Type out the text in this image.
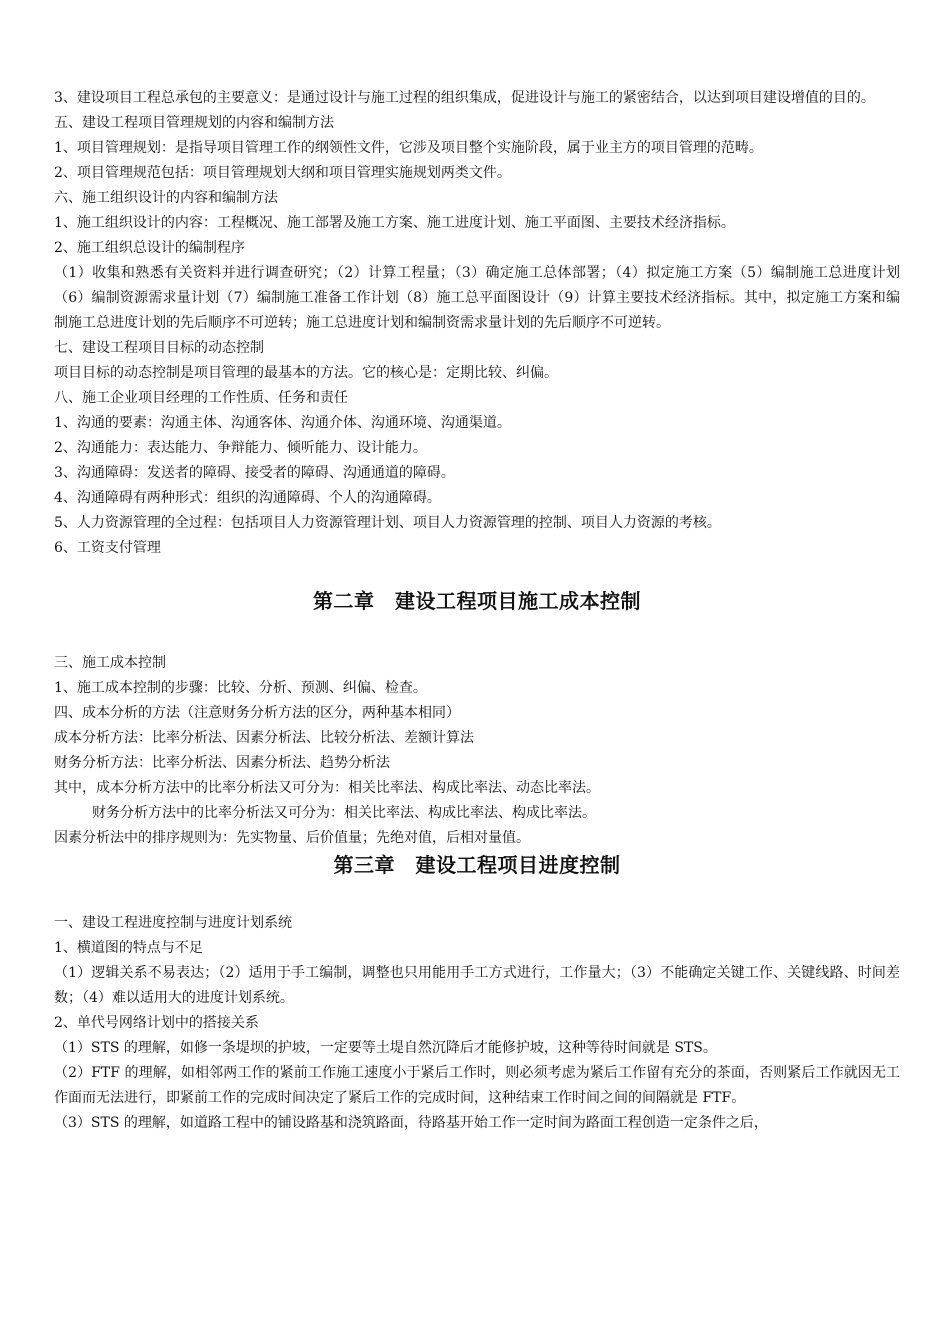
3、建设项目工程总承包的主要意义：是通过设计与施工过程的组织集成，促进设计与施工的紧密结合，以达到项目建设增值的目的。

五、建设工程项目管理规划的内容和编制方法

1、项目管理规划：是指导项目管理工作的纲领性文件，它涉及项目整个实施阶段，属于业主方的项目管理的范畴。

2、项目管理规范包括：项目管理规划大纲和项目管理实施规划两类文件。

六、施工组织设计的内容和编制方法

1、施工组织设计的内容：工程概况、施工部署及施工方案、施工进度计划、施工平面图、主要技术经济指标。

2、施工组织总设计的编制程序

（1）收集和熟悉有关资料并进行调查研究；（2）计算工程量；（3）确定施工总体部署；（4）拟定施工方案（5）编制施工总进度计划（6）编制资源需求量计划（7）编制施工准备工作计划（8）施工总平面图设计（9）计算主要技术经济指标。其中，拟定施工方案和编制施工总进度计划的先后顺序不可逆转；施工总进度计划和编制资需求量计划的先后顺序不可逆转。

七、建设工程项目目标的动态控制

项目目标的动态控制是项目管理的最基本的方法。它的核心是：定期比较、纠偏。

八、施工企业项目经理的工作性质、任务和责任

1、沟通的要素：沟通主体、沟通客体、沟通介体、沟通环境、沟通渠道。

2、沟通能力：表达能力、争辩能力、倾听能力、设计能力。

3、沟通障碍：发送者的障碍、接受者的障碍、沟通通道的障碍。

4、沟通障碍有两种形式：组织的沟通障碍、个人的沟通障碍。

5、人力资源管理的全过程：包括项目人力资源管理计划、项目人力资源管理的控制、项目人力资源的考核。

6、工资支付管理

第二章　建设工程项目施工成本控制

三、施工成本控制

1、施工成本控制的步骤：比较、分析、预测、纠偏、检查。

四、成本分析的方法（注意财务分析方法的区分，两种基本相同）

成本分析方法：比率分析法、因素分析法、比较分析法、差额计算法

财务分析方法：比率分析法、因素分析法、趋势分析法

其中，成本分析方法中的比率分析法又可分为：相关比率法、构成比率法、动态比率法。

财务分析方法中的比率分析法又可分为：相关比率法、构成比率法、构成比率法。

因素分析法中的排序规则为：先实物量、后价值量；先绝对值，后相对量值。

第三章　建设工程项目进度控制

一、建设工程进度控制与进度计划系统

1、横道图的特点与不足

（1）逻辑关系不易表达；（2）适用于手工编制，调整也只用能用手工方式进行，工作量大；（3）不能确定关键工作、关键线路、时间差数；（4）难以适用大的进度计划系统。

2、单代号网络计划中的搭接关系

（1）STS 的理解，如修一条堤坝的护坡，一定要等土堤自然沉降后才能修护坡，这种等待时间就是 STS。

（2）FTF 的理解，如相邻两工作的紧前工作施工速度小于紧后工作时，则必须考虑为紧后工作留有充分的茶面，否则紧后工作就因无工作面而无法进行，即紧前工作的完成时间决定了紧后工作的完成时间，这种结束工作时间之间的间隔就是 FTF。

（3）STS 的理解，如道路工程中的铺设路基和浇筑路面，待路基开始工作一定时间为路面工程创造一定条件之后，
